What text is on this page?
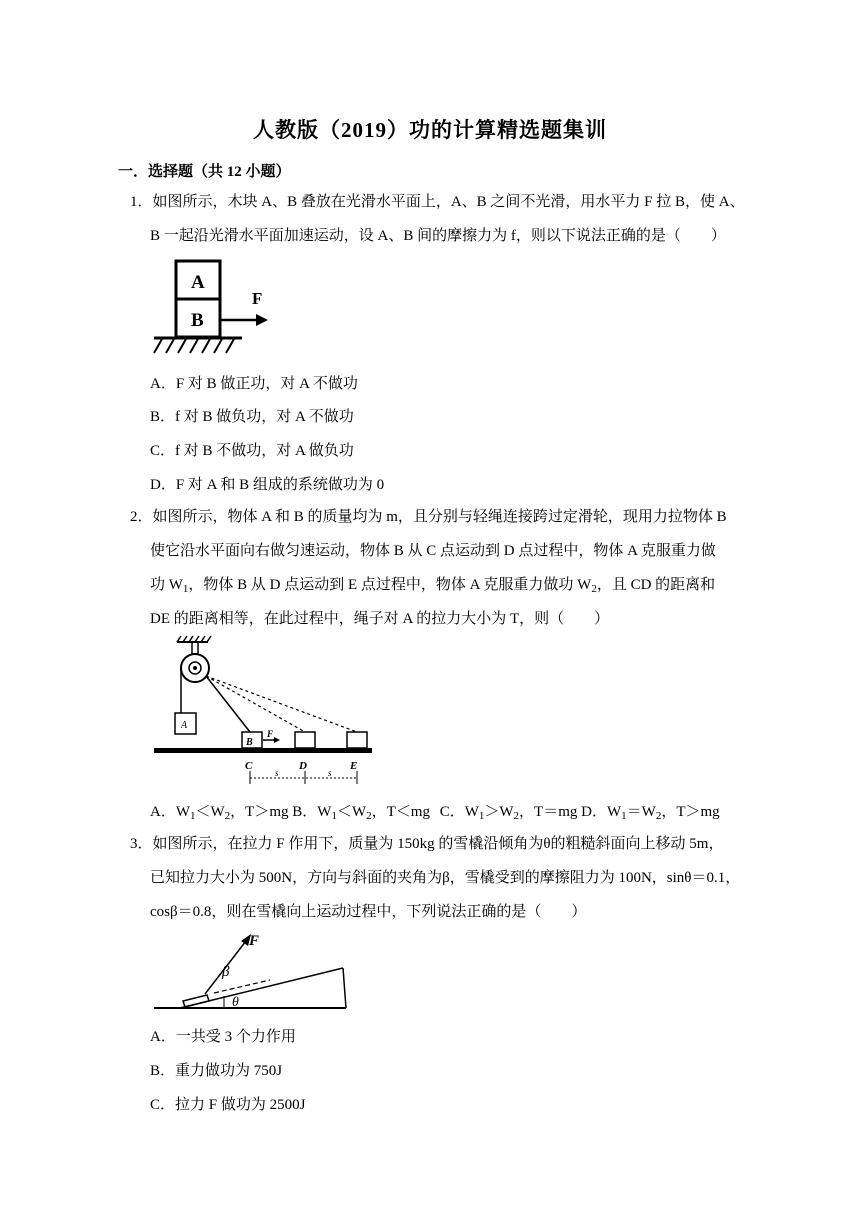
人教版（2019）功的计算精选题集训
一．选择题（共 12 小题）
1．如图所示，木块 A、B 叠放在光滑水平面上，A、B 之间不光滑，用水平力 F 拉 B，使 A、
B 一起沿光滑水平面加速运动，设 A、B 间的摩擦力为 f，则以下说法正确的是（　　）
A
B
F
A．F 对 B 做正功，对 A 不做功
B．f 对 B 做负功，对 A 不做功
C．f 对 B 不做功，对 A 做负功
D．F 对 A 和 B 组成的系统做功为 0
2．如图所示，物体 A 和 B 的质量均为 m，且分别与轻绳连接跨过定滑轮，现用力拉物体 B
使它沿水平面向右做匀速运动，物体 B 从 C 点运动到 D 点过程中，物体 A 克服重力做
功 $W_1$，物体 B 从 D 点运动到 E 点过程中，物体 A 克服重力做功 $W_2$，且 CD 的距离和
DE 的距离相等，在此过程中，绳子对 A 的拉力大小为 T，则（　　）
A
B
F
C	D	E
s	s
A．$W_1<W_2$，T＞mg B．$W_1<W_2$，T＜mg C．$W_1>W_2$，T＝mg D．$W_1=W_2$，T＞mg
3．如图所示，在拉力 F 作用下，质量为 150kg 的雪橇沿倾角为θ的粗糙斜面向上移动 5m，
已知拉力大小为 500N，方向与斜面的夹角为β，雪橇受到的摩擦阻力为 100N，sinθ＝0.1，
cosβ＝0.8，则在雪橇向上运动过程中，下列说法正确的是（　　）
F
β
θ
A．一共受 3 个力作用
B．重力做功为 750J
C．拉力 F 做功为 2500J
